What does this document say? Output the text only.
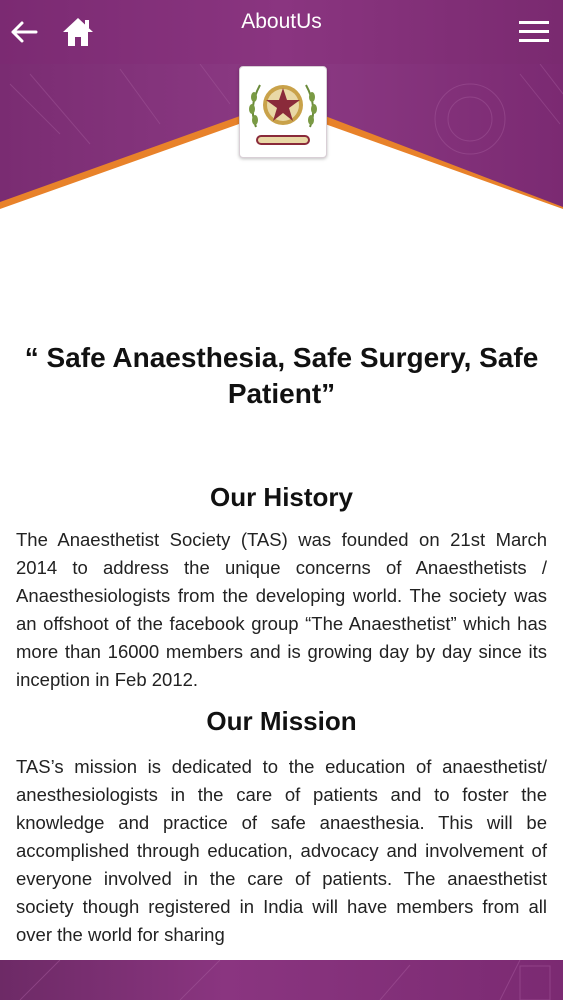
AboutUs

“ Safe Anaesthesia, Safe Surgery, Safe Patient”

Our History

The Anaesthetist Society (TAS) was founded on 21st March 2014 to address the unique concerns of Anaesthetists / Anaesthesiologists from the developing world. The society was an offshoot of the facebook group “The Anaesthetist” which has more than 16000 members and is growing day by day since its inception in Feb 2012.

Our Mission

TAS’s mission is dedicated to the education of anaesthetist/ anesthesiologists in the care of patients and to foster the knowledge and practice of safe anaesthesia. This will be accomplished through education, advocacy and involvement of everyone involved in the care of patients. The anaesthetist society though registered in India will have members from all over the world for sharing
